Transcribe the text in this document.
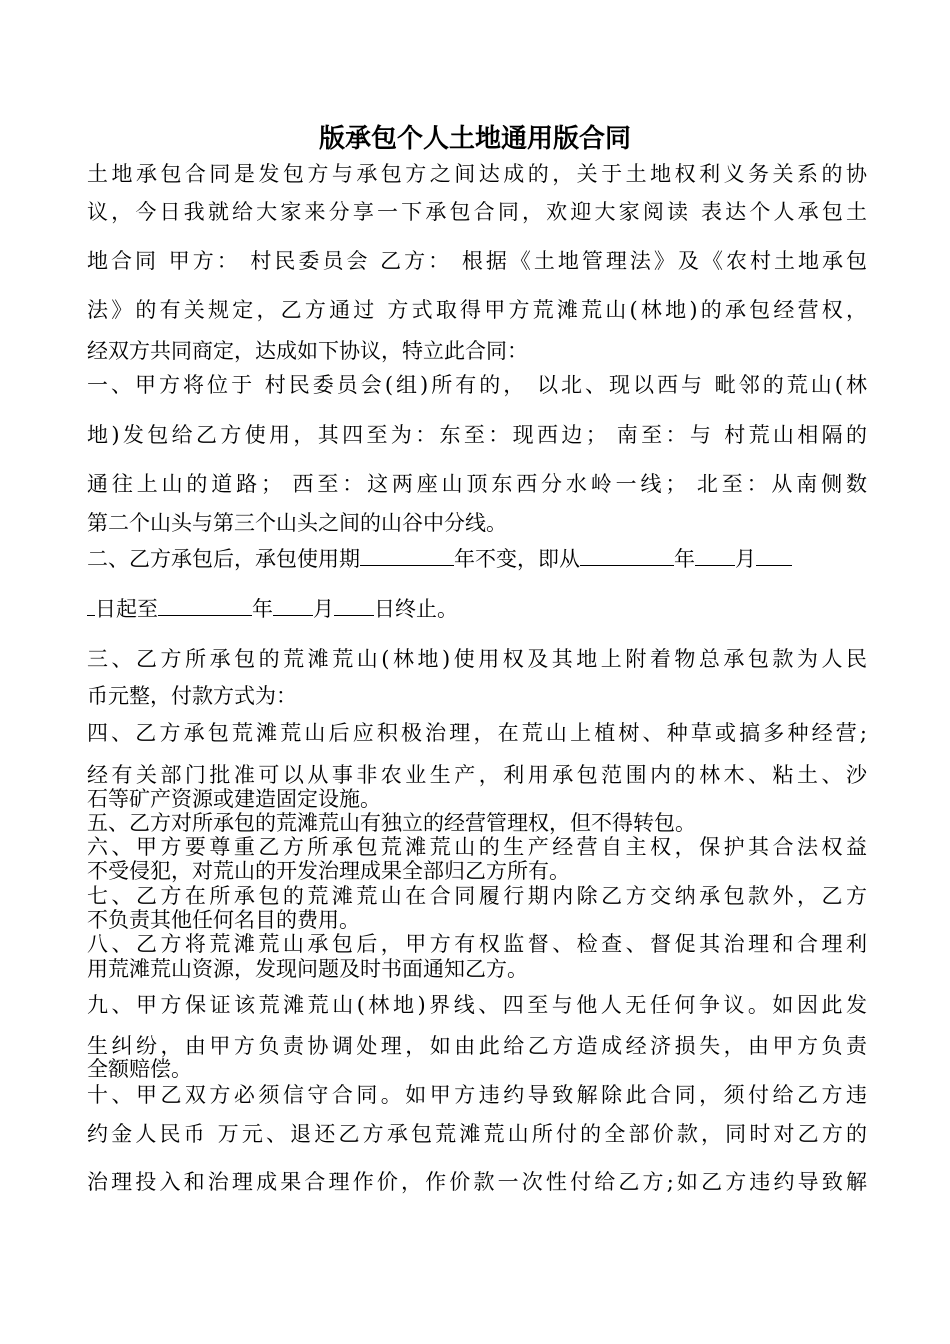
版承包个人土地通用版合同
土地承包合同是发包方与承包方之间达成的，关于土地权利义务关系的协
议，今日我就给大家来分享一下承包合同，欢迎大家阅读 表达个人承包土
地合同 甲方： 村民委员会 乙方： 根据《土地管理法》及《农村土地承包
法》的有关规定，乙方通过 方式取得甲方荒滩荒山(林地)的承包经营权，
经双方共同商定，达成如下协议，特立此合同：
一、甲方将位于 村民委员会(组)所有的， 以北、现以西与 毗邻的荒山(林
地)发包给乙方使用，其四至为：东至：现西边； 南至：与 村荒山相隔的
通往上山的道路； 西至：这两座山顶东西分水岭一线； 北至：从南侧数
第二个山头与第三个山头之间的山谷中分线。
二、乙方承包后，承包使用期	年不变，即从	年 月
日起至	年 月 日终止。
三、乙方所承包的荒滩荒山(林地)使用权及其地上附着物总承包款为人民
币元整，付款方式为：
四、乙方承包荒滩荒山后应积极治理，在荒山上植树、种草或搞多种经营;
经有关部门批准可以从事非农业生产，利用承包范围内的林木、粘土、沙
石等矿产资源或建造固定设施。
五、乙方对所承包的荒滩荒山有独立的经营管理权，但不得转包。
六、甲方要尊重乙方所承包荒滩荒山的生产经营自主权，保护其合法权益
不受侵犯，对荒山的开发治理成果全部归乙方所有。
七、乙方在所承包的荒滩荒山在合同履行期内除乙方交纳承包款外，乙方
不负责其他任何名目的费用。
八、乙方将荒滩荒山承包后，甲方有权监督、检查、督促其治理和合理利
用荒滩荒山资源，发现问题及时书面通知乙方。
九、甲方保证该荒滩荒山(林地)界线、四至与他人无任何争议。如因此发
生纠纷，由甲方负责协调处理，如由此给乙方造成经济损失，由甲方负责
全额赔偿。
十、甲乙双方必须信守合同。如甲方违约导致解除此合同，须付给乙方违
约金人民币 万元、退还乙方承包荒滩荒山所付的全部价款，同时对乙方的
治理投入和治理成果合理作价，作价款一次性付给乙方;如乙方违约导致解
